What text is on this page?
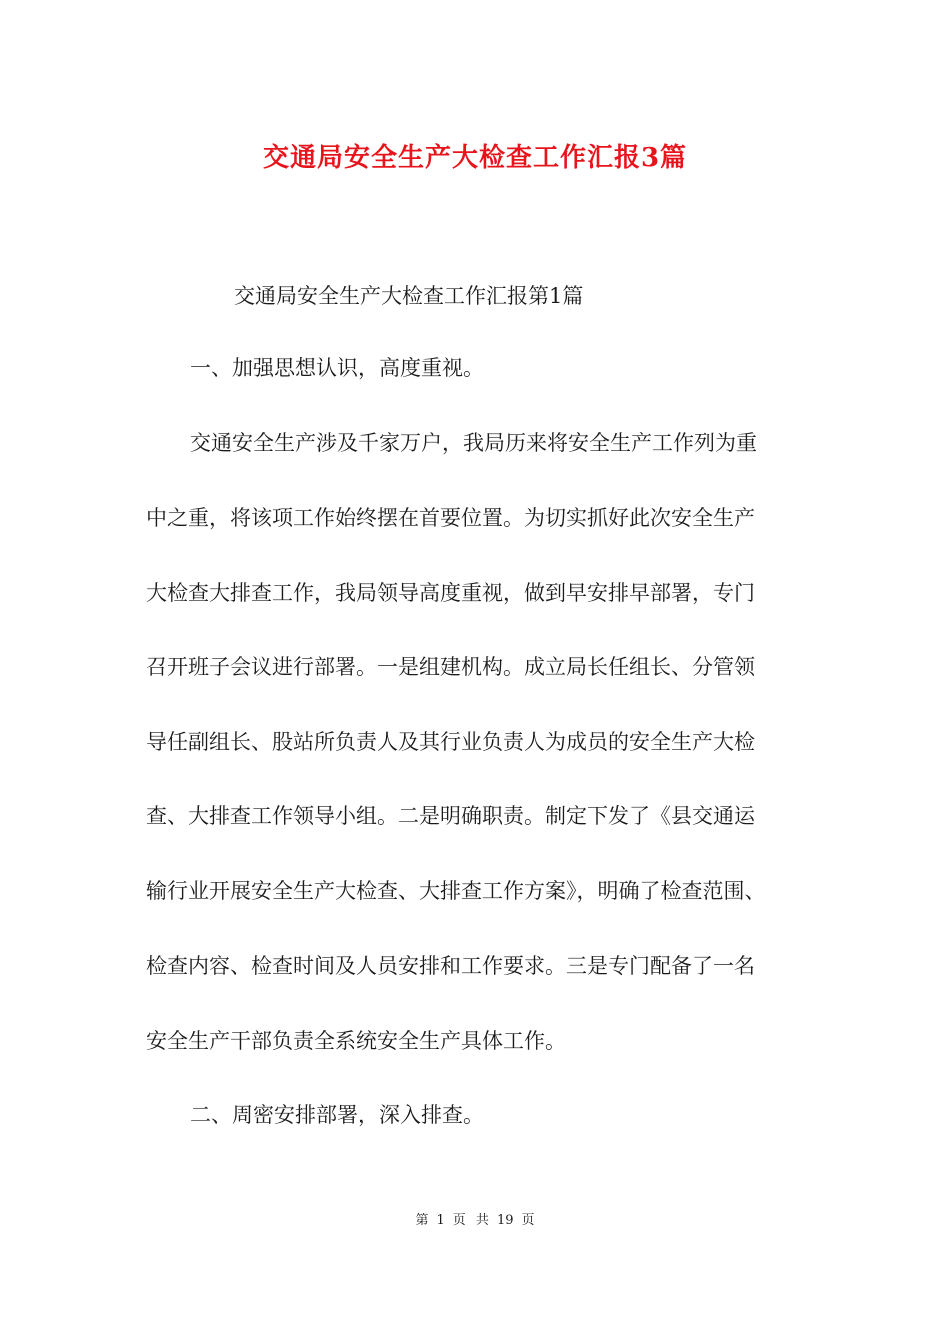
交通局安全生产大检查工作汇报3篇

交通局安全生产大检查工作汇报第1篇

一、加强思想认识，高度重视。

交通安全生产涉及千家万户，我局历来将安全生产工作列为重

中之重，将该项工作始终摆在首要位置。为切实抓好此次安全生产

大检查大排查工作，我局领导高度重视，做到早安排早部署，专门

召开班子会议进行部署。一是组建机构。成立局长任组长、分管领

导任副组长、股站所负责人及其行业负责人为成员的安全生产大检

查、大排查工作领导小组。二是明确职责。制定下发了《县交通运

输行业开展安全生产大检查、大排查工作方案》，明确了检查范围、

检查内容、检查时间及人员安排和工作要求。三是专门配备了一名

安全生产干部负责全系统安全生产具体工作。

二、周密安排部署，深入排查。

第 1 页 共 19 页
